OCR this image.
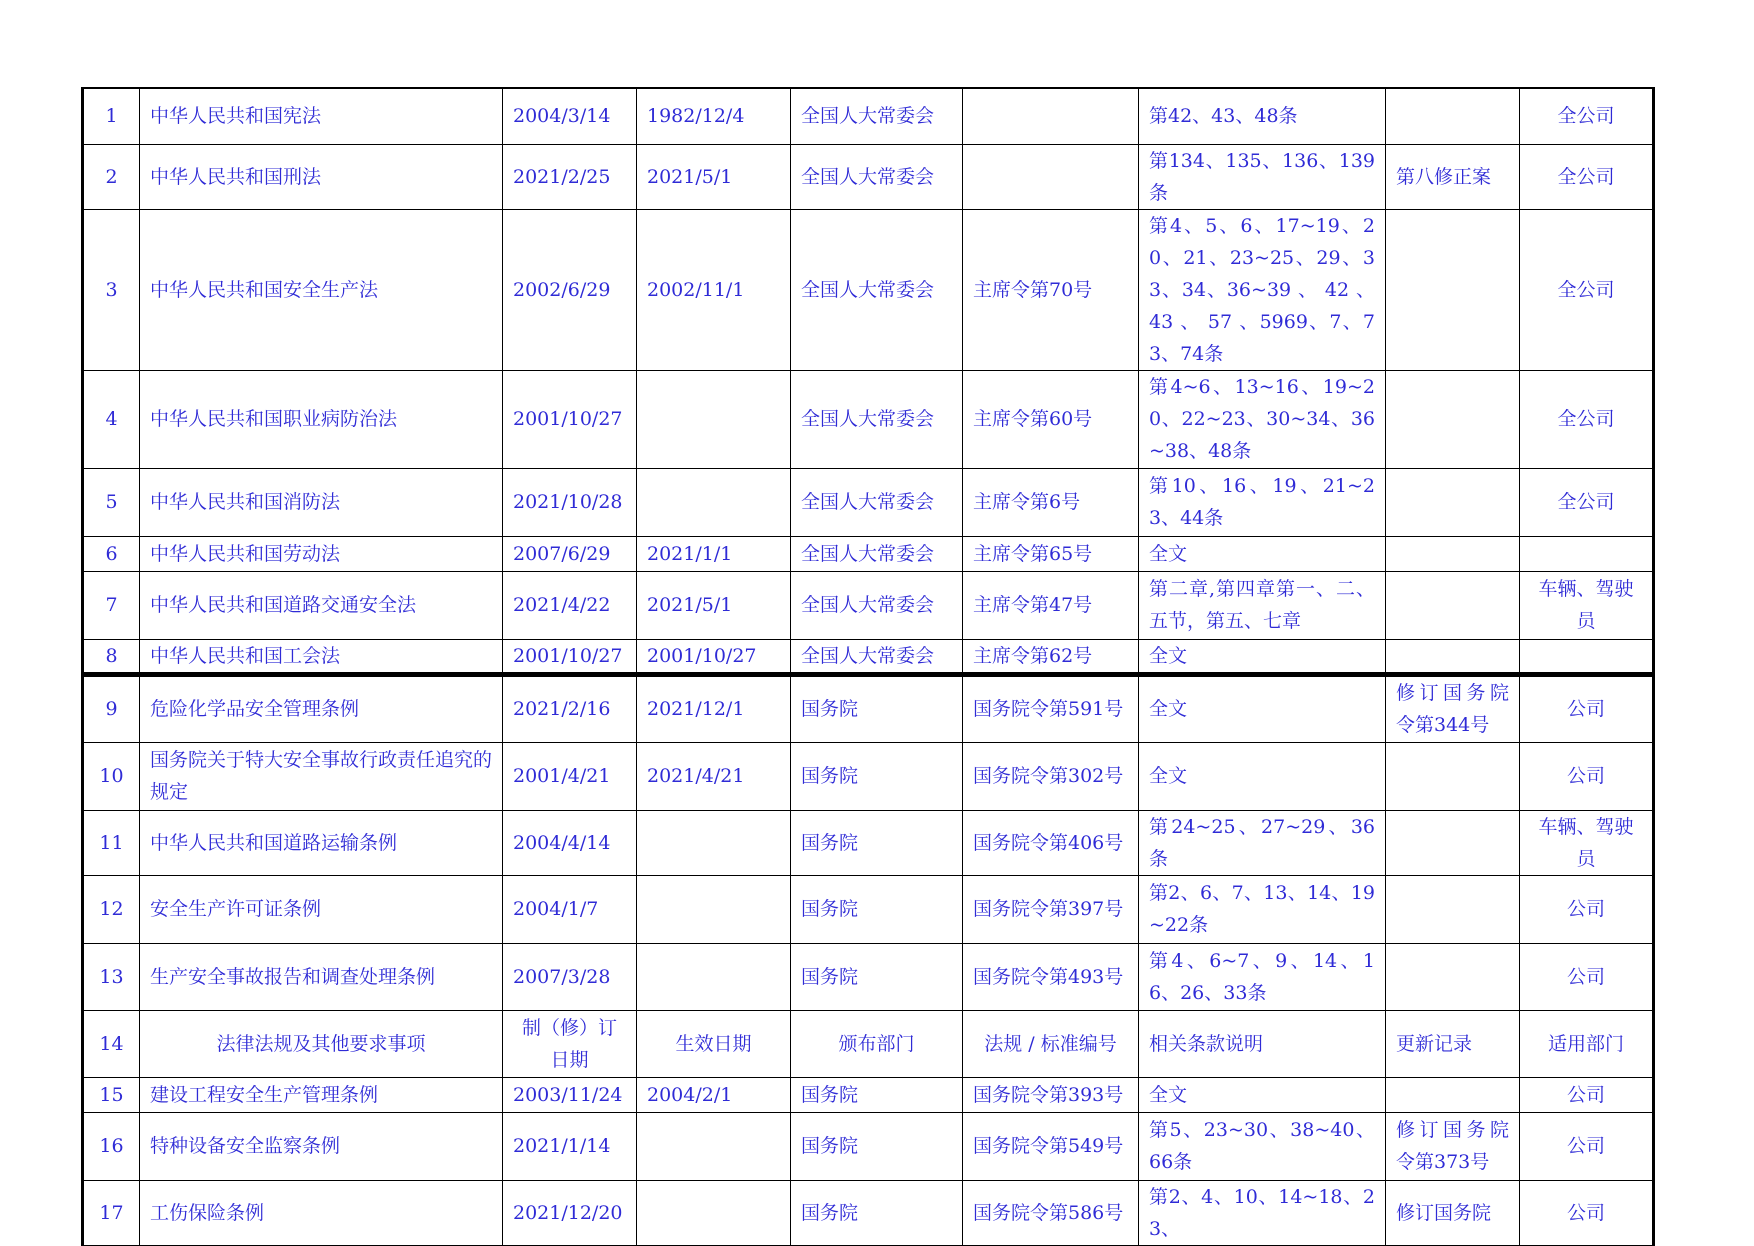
1	中华人民共和国宪法	2004/3/14	1982/12/4	全国人大常委会		第42、43、48条		全公司
2	中华人民共和国刑法	2021/2/25	2021/5/1	全国人大常委会		第134、135、136、139条	第八修正案	全公司
3	中华人民共和国安全生产法	2002/6/29	2002/11/1	全国人大常委会	主席令第70号	第4、5、6、17~19、20、21、23~25、29、33、34、36~39 、 42 、 43 、 57 、5969、7、73、74条		全公司
4	中华人民共和国职业病防治法	2001/10/27		全国人大常委会	主席令第60号	第4~6、13~16、19~20、22~23、30~34、36~38、48条		全公司
5	中华人民共和国消防法	2021/10/28		全国人大常委会	主席令第6号	第10、16、19、21~23、44条		全公司
6	中华人民共和国劳动法	2007/6/29	2021/1/1	全国人大常委会	主席令第65号	全文		
7	中华人民共和国道路交通安全法	2021/4/22	2021/5/1	全国人大常委会	主席令第47号	第二章,第四章第一、二、五节，第五、七章		车辆、驾驶员
8	中华人民共和国工会法	2001/10/27	2001/10/27	全国人大常委会	主席令第62号	全文		
9	危险化学品安全管理条例	2021/2/16	2021/12/1	国务院	国务院令第591号	全文	修订国务院令第344号	公司
10	国务院关于特大安全事故行政责任追究的规定	2001/4/21	2021/4/21	国务院	国务院令第302号	全文		公司
11	中华人民共和国道路运输条例	2004/4/14		国务院	国务院令第406号	第24~25、27~29、36条		车辆、驾驶员
12	安全生产许可证条例	2004/1/7		国务院	国务院令第397号	第2、6、7、13、14、19~22条		公司
13	生产安全事故报告和调查处理条例	2007/3/28		国务院	国务院令第493号	第4、6~7、9、14、16、26、33条		公司
14	法律法规及其他要求事项	制（修）订日期	生效日期	颁布部门	法规 / 标准编号	相关条款说明	更新记录	适用部门
15	建设工程安全生产管理条例	2003/11/24	2004/2/1	国务院	国务院令第393号	全文		公司
16	特种设备安全监察条例	2021/1/14		国务院	国务院令第549号	第5、23~30、38~40、66条	修订国务院令第373号	公司
17	工伤保险条例	2021/12/20		国务院	国务院令第586号	第2、4、10、14~18、23、	修订国务院	公司
